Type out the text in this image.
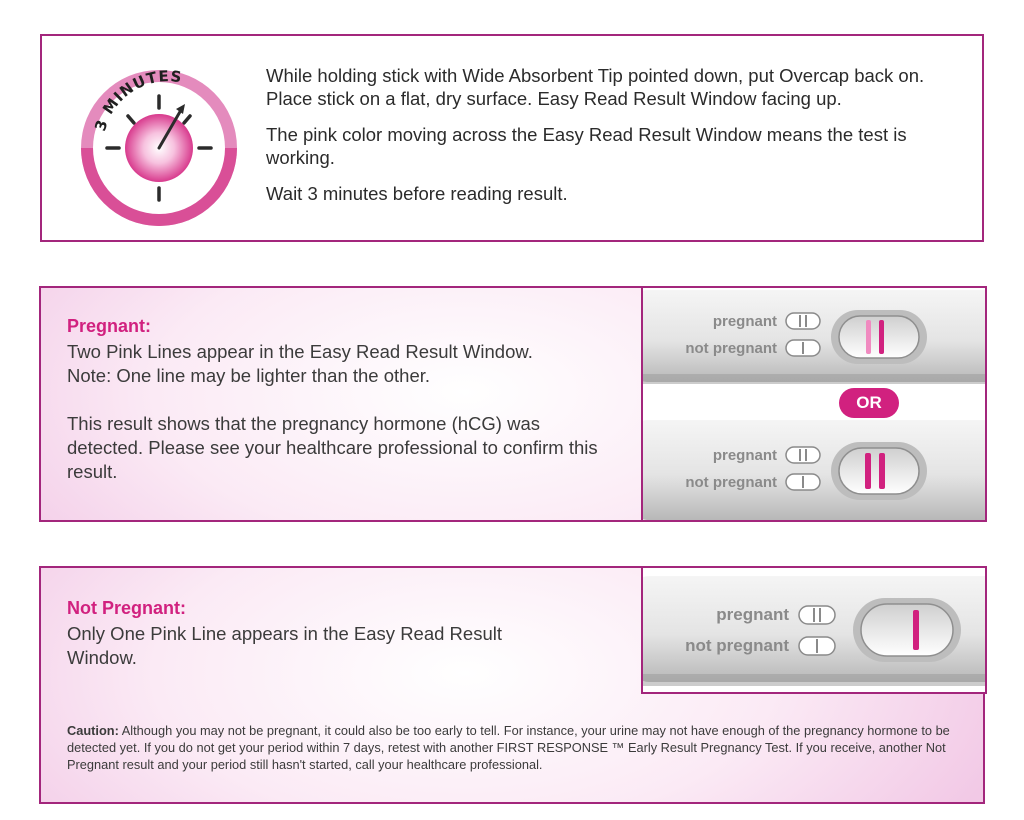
3 MINUTES	While holding stick with Wide Absorbent Tip pointed down, put Overcap back on. Place stick on a flat, dry surface. Easy Read Result Window facing up.

The pink color moving across the Easy Read Result Window means the test is working.

Wait 3 minutes before reading result.

Pregnant:

Two Pink Lines appear in the Easy Read Result Window.

Note: One line may be lighter than the other.

This result shows that the pregnancy hormone (hCG) was detected. Please see your healthcare professional to confirm this result.

pregnant
not pregnant
pregnant
not pregnant
OR
Not Pregnant:

Only One Pink Line appears in the Easy Read Result Window.

pregnant
not pregnant
Caution: Although you may not be pregnant, it could also be too early to tell. For instance, your urine may not have enough of the pregnancy hormone to be detected yet. If you do not get your period within 7 days, retest with another FIRST RESPONSE ™ Early Result Pregnancy Test. If you receive, another Not Pregnant result and your period still hasn't started, call your healthcare professional.
